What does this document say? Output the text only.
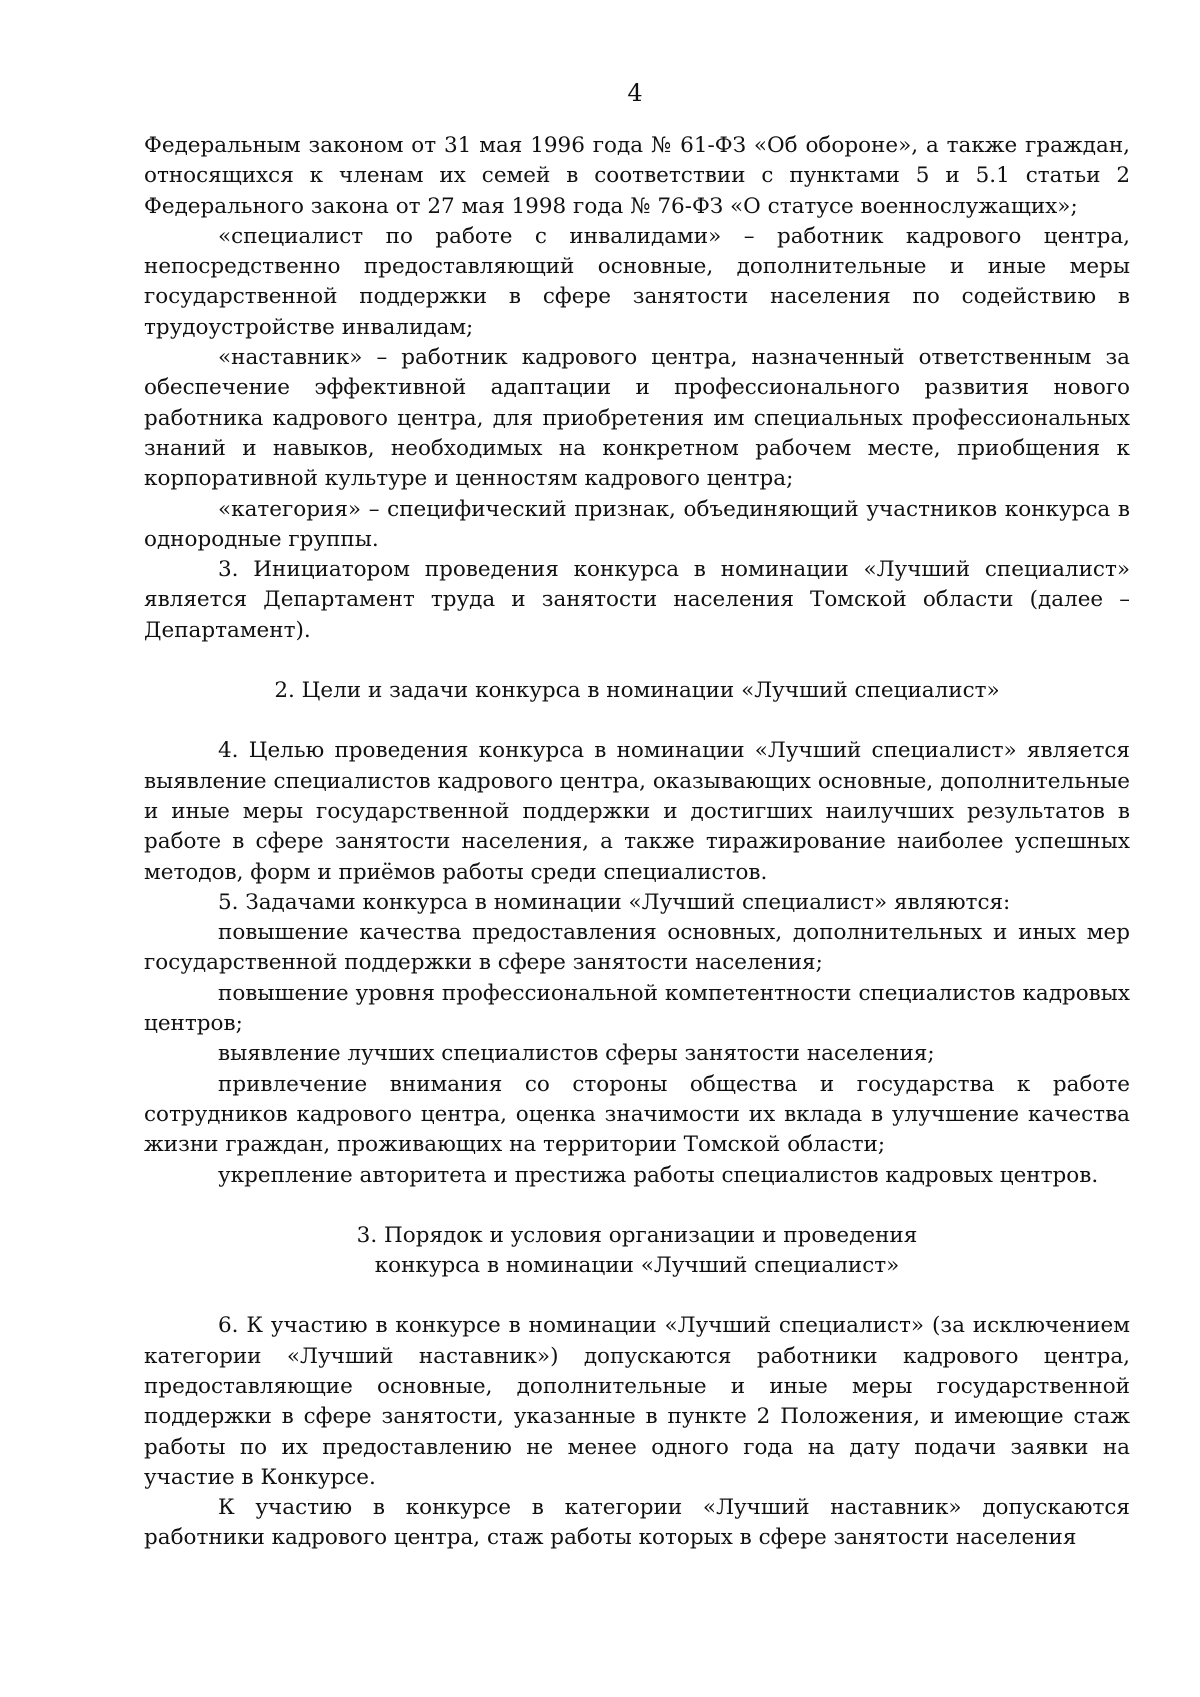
4

Федеральным законом от 31 мая 1996 года № 61-ФЗ «Об обороне», а также граждан, относящихся к членам их семей в соответствии с пунктами 5 и 5.1 статьи 2 Федерального закона от 27 мая 1998 года № 76-ФЗ «О статусе военнослужащих»;

«специалист по работе с инвалидами» – работник кадрового центра, непосредственно предоставляющий основные, дополнительные и иные меры государственной поддержки в сфере занятости населения по содействию в трудоустройстве инвалидам;

«наставник» – работник кадрового центра, назначенный ответственным за обеспечение эффективной адаптации и профессионального развития нового работника кадрового центра, для приобретения им специальных профессиональных знаний и навыков, необходимых на конкретном рабочем месте, приобщения к корпоративной культуре и ценностям кадрового центра;

«категория» – специфический признак, объединяющий участников конкурса в однородные группы.

3. Инициатором проведения конкурса в номинации «Лучший специалист» является Департамент труда и занятости населения Томской области (далее – Департамент).

2. Цели и задачи конкурса в номинации «Лучший специалист»

4. Целью проведения конкурса в номинации «Лучший специалист» является выявление специалистов кадрового центра, оказывающих основные, дополнительные и иные меры государственной поддержки и достигших наилучших результатов в работе в сфере занятости населения, а также тиражирование наиболее успешных методов, форм и приёмов работы среди специалистов.

5. Задачами конкурса в номинации «Лучший специалист» являются:

повышение качества предоставления основных, дополнительных и иных мер государственной поддержки в сфере занятости населения;

повышение уровня профессиональной компетентности специалистов кадровых центров;

выявление лучших специалистов сферы занятости населения;

привлечение внимания со стороны общества и государства к работе сотрудников кадрового центра, оценка значимости их вклада в улучшение качества жизни граждан, проживающих на территории Томской области;

укрепление авторитета и престижа работы специалистов кадровых центров.

3. Порядок и условия организации и проведения

конкурса в номинации «Лучший специалист»

6. К участию в конкурсе в номинации «Лучший специалист» (за исключением категории «Лучший наставник») допускаются работники кадрового центра, предоставляющие основные, дополнительные и иные меры государственной поддержки в сфере занятости, указанные в пункте 2 Положения, и имеющие стаж работы по их предоставлению не менее одного года на дату подачи заявки на участие в Конкурсе.

К участию в конкурсе в категории «Лучший наставник» допускаются работники кадрового центра, стаж работы которых в сфере занятости населения
